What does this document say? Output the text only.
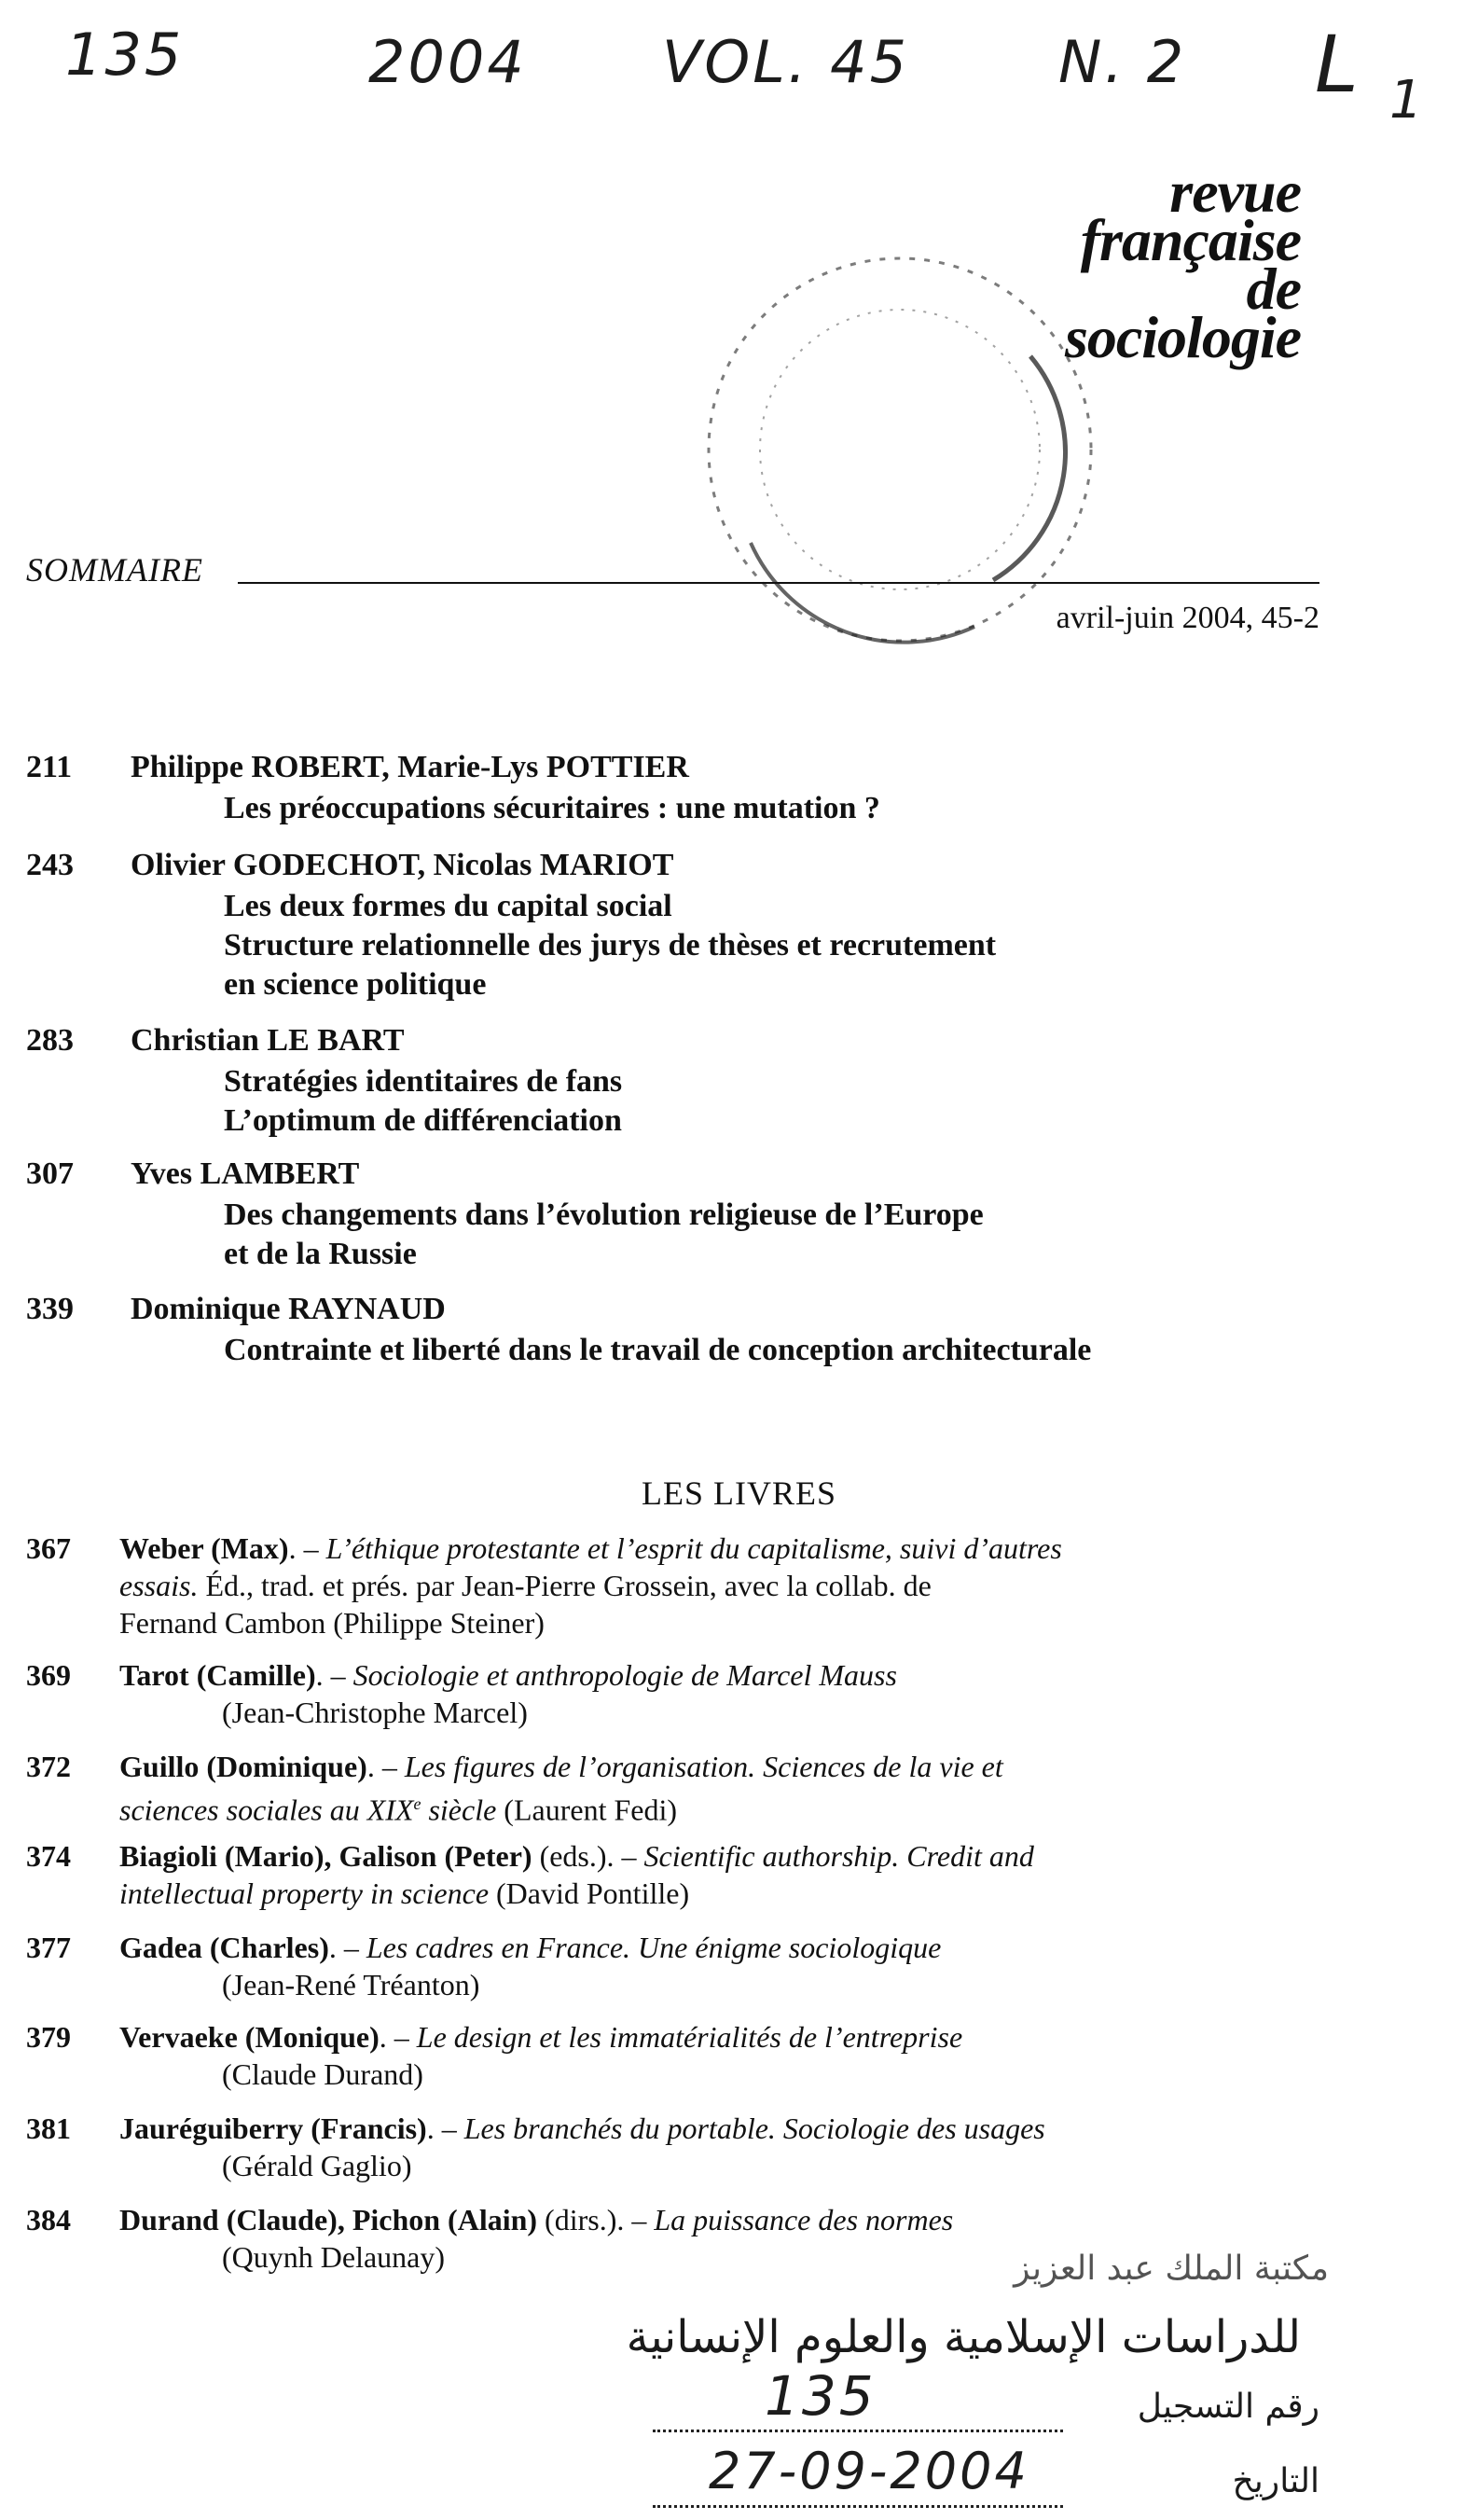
135	2004 VOL. 45	N. 2 L 1
revue
française
de
sociologie
SOMMAIRE
avril-juin 2004, 45-2
211	Philippe ROBERT, Marie-Lys POTTIER
Les préoccupations sécuritaires : une mutation ?
243	Olivier GODECHOT, Nicolas MARIOT
Les deux formes du capital social
Structure relationnelle des jurys de thèses et recrutement
en science politique
283	Christian LE BART
Stratégies identitaires de fans
L’optimum de différenciation
307	Yves LAMBERT
Des changements dans l’évolution religieuse de l’Europe
et de la Russie
339	Dominique RAYNAUD
Contrainte et liberté dans le travail de conception architecturale
LES LIVRES
367 Weber (Max). – L’éthique protestante et l’esprit du capitalisme, suivi d’autres
essais. Éd., trad. et prés. par Jean-Pierre Grossein, avec la collab. de
Fernand Cambon (Philippe Steiner)
369 Tarot (Camille). – Sociologie et anthropologie de Marcel Mauss
(Jean-Christophe Marcel)
372 Guillo (Dominique). – Les figures de l’organisation. Sciences de la vie et
sciences sociales au XIXe siècle (Laurent Fedi)
374 Biagioli (Mario), Galison (Peter) (eds.). – Scientific authorship. Credit and
intellectual property in science (David Pontille)
377 Gadea (Charles). – Les cadres en France. Une énigme sociologique
(Jean-René Tréanton)
379 Vervaeke (Monique). – Le design et les immatérialités de l’entreprise
(Claude Durand)
381 Jauréguiberry (Francis). – Les branchés du portable. Sociologie des usages
(Gérald Gaglio)
384 Durand (Claude), Pichon (Alain) (dirs.). – La puissance des normes
(Quynh Delaunay)	مكتبة الملك عبد العزيز
للدراسات الإسلامية والعلوم الإنسانية
رقم التسجيل
135
التاريخ
27-09-2004
